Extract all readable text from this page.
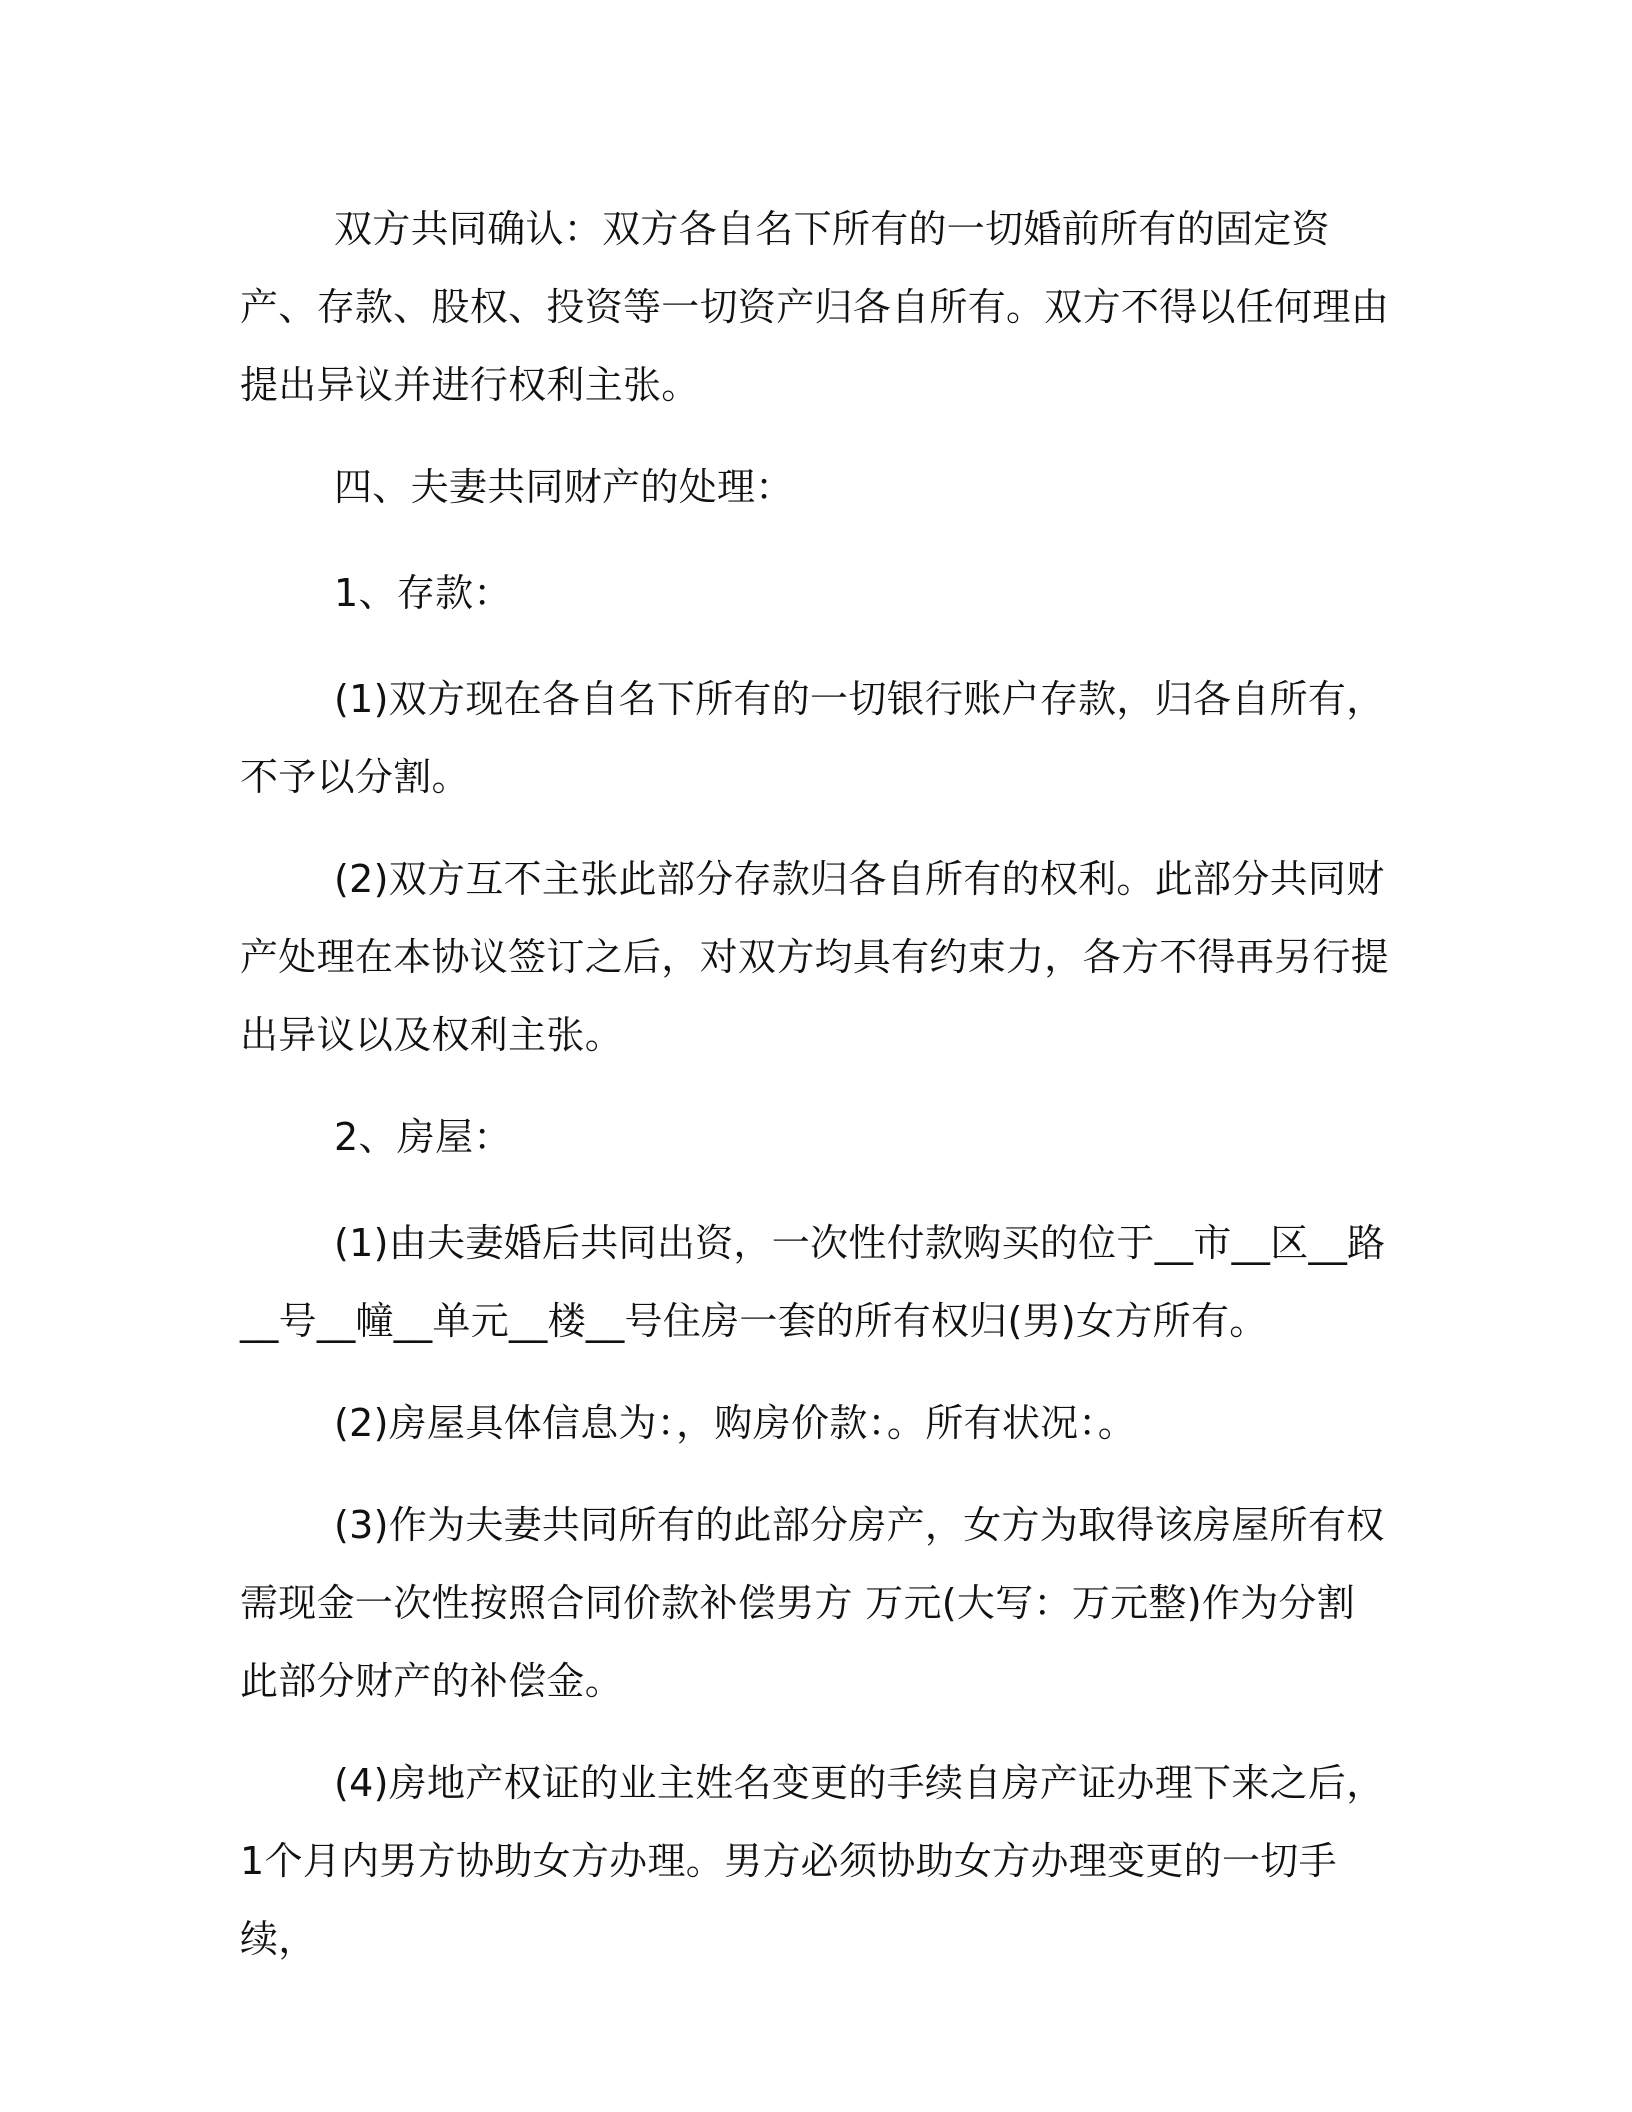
双方共同确认：双方各自名下所有的一切婚前所有的固定资产、存款、股权、投资等一切资产归各自所有。双方不得以任何理由提出异议并进行权利主张。

四、夫妻共同财产的处理：

1、存款：

(1)双方现在各自名下所有的一切银行账户存款，归各自所有，不予以分割。

(2)双方互不主张此部分存款归各自所有的权利。此部分共同财产处理在本协议签订之后，对双方均具有约束力，各方不得再另行提出异议以及权利主张。

2、房屋：

(1)由夫妻婚后共同出资，一次性付款购买的位于__市__区__路__号__幢__单元__楼__号住房一套的所有权归(男)女方所有。

(2)房屋具体信息为：，购房价款：。所有状况：。

(3)作为夫妻共同所有的此部分房产，女方为取得该房屋所有权需现金一次性按照合同价款补偿男方 万元(大写：万元整)作为分割此部分财产的补偿金。

(4)房地产权证的业主姓名变更的手续自房产证办理下来之后，1个月内男方协助女方办理。男方必须协助女方办理变更的一切手续，
